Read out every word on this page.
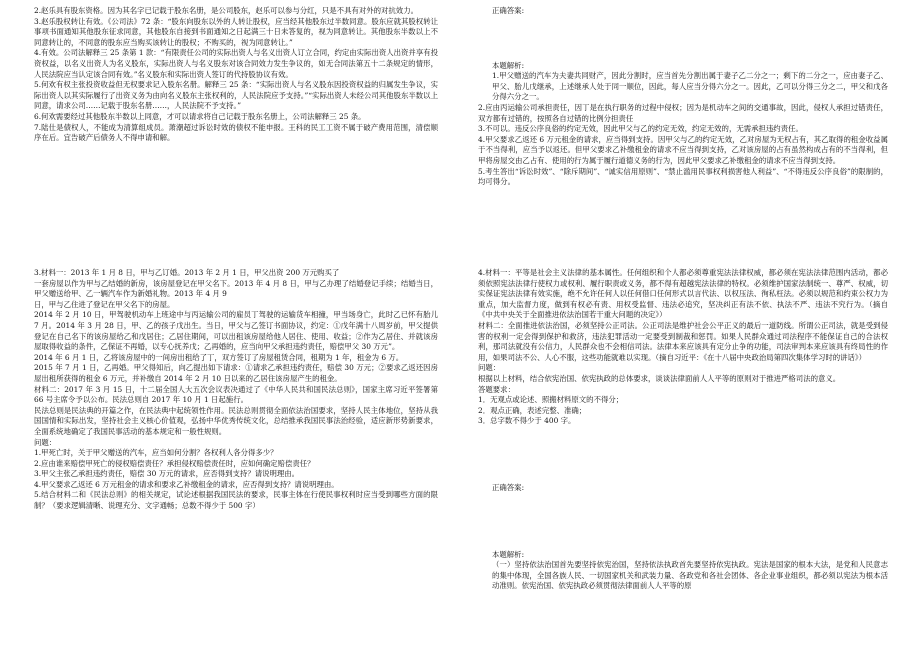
2.赵乐具有股东资格。因为其名字已记载于股东名册，是公司股东，赵乐可以参与分红，只是不具有对外的对抗效力。

3.赵乐股权转让有效。《公司法》72 条：“股东向股东以外的人转让股权，应当经其他股东过半数同意。股东应就其股权转让事项书面通知其他股东征求同意，其他股东自接到书面通知之日起满三十日未答复的，视为同意转让。其他股东半数以上不同意转让的，不同意的股东应当购买该转让的股权；不购买的，视为同意转让。”

4.有效。公司法解释三 25 条第 1 款：“有限责任公司的实际出资人与名义出资人订立合同，约定由实际出资人出资并享有投资权益，以名义出资人为名义股东，实际出资人与名义股东对该合同效力发生争议的，如无合同法第五十二条规定的情形，人民法院应当认定该合同有效。”名义股东和实际出资人签订的代持股协议有效。

5.何欢有权主张投资收益但无权要求记入股东名册。解释三 25 条：“实际出资人与名义股东因投资权益的归属发生争议，实际出资人以其实际履行了出资义务为由向名义股东主张权利的，人民法院应予支持。”“实际出资人未经公司其他股东半数以上同意，请求公司……记载于股东名册……，人民法院不予支持。”

6.何欢需要经过其他股东半数以上同意，才可以请求将自己记载于股东名册上，公司法解释三 25 条。

7.陆仕是债权人，不能成为清算组成员。萧潮超过诉讼时效的债权不能申报。王科的民工工资不属于破产费用范围，清偿顺序在后。宜告破产后债务人不得申请和解。

正确答案:

本题解析:

1.甲父赠送的汽车为夫妻共同财产，因此分割时，应当首先分割出属于妻子乙二分之一；剩下的二分之一，应由妻子乙、甲父、胎儿戊继承，上述继承人处于同一顺位，因此，每人应当分得六分之一。因此，乙可以分得三分之二，甲父和戊各分得六分之一。

2.应由丙运输公司承担责任，因丁是在执行职务的过程中侵权；因为是机动车之间的交通事故，因此，侵权人承担过错责任，双方都有过错的，按照各自过错的比例分担责任

3.不可以。违反公序良俗的约定无效，因此甲父与乙的约定无效，约定无效的，无需承担违约责任。

4.甲父要求乙返还 6 万元租金的请求，应当得到支持。因甲父与乙的约定无效，乙对房屋为无权占有，其乙取得的租金收益属于不当得利，应当予以返还。但甲父要求乙补缴租金的请求不应当得到支持，乙对该房屋的占有虽然构成占有的不当得利，但甲将房屋交由乙占有、使用的行为属于履行道德义务的行为，因此甲父要求乙补缴租金的请求不应当得到支持。

5.考生答出“诉讼时效”、“除斥期间”、“诚实信用原则”、“禁止滥用民事权利损害他人利益”、“不得违反公序良俗”的限制的，均可得分。

3.材料一：2013 年 1 月 8 日，甲与乙订婚。2013 年 2 月 1 日，甲父出资 200 万元购买了

一套房屋以作为甲与乙结婚的新房，该房屋登记在甲父名下。2013 年 4 月 8 日，甲与乙办理了结婚登记手续；结婚当日，甲父赠送给甲、乙一辆汽车作为新婚礼物。2013 年 4 月 9

日，甲与乙住进了登记在甲父名下的房屋。

2014 年 2 月 10 日，甲驾驶机动车上班途中与丙运输公司的雇员丁驾驶的运输货车相撞，甲当场身亡，此时乙已怀有胎儿 7 月。2014 年 3 月 28 日，甲、乙的孩子戊出生。当日，甲父与乙签订书面协议，约定：①戊年满十八周岁前，甲父提供登记在自己名下的该房屋给乙和戊居住；乙居住期间，可以出租该房屋给他人居住、使用、收益；②作为乙居住、并就该房屋取得收益的条件，乙保证不再婚，以专心抚养戊；乙再婚的，应当向甲父承担违约责任，赔偿甲父 30 万元”。

2014 年 6 月 1 日，乙将该房屋中的一间房出租给了丁，双方签订了房屋租赁合同，租期为 1 年，租金为 6 万。

2015 年 7 月 1 日，乙再婚。甲父得知后，向乙提出如下请求：①请求乙承担违约责任，赔偿 30 万元；②要求乙返还因房屋出租所获得的租金 6 万元，并补缴自 2014 年 2 月 10 日以来的乙居住该房屋产生的租金。

材料二：2017 年 3 月 15 日，十二届全国人大五次会议表决通过了《中华人民共和国民法总则》，国家主席习近平签署第 66 号主席令予以公布。民法总则自 2017 年 10 月 1 日起施行。

民法总则是民法典的开篇之作，在民法典中起统领性作用。民法总则贯彻全面依法治国要求，坚持人民主体地位，坚持从我国国情和实际出发，坚持社会主义核心价值观，弘扬中华优秀传统文化，总结推承我国民事法治经验，适应新形势新要求，全面系统地确定了我国民事活动的基本规定和一般性规则。

问题：

1.甲死亡时，关于甲父赠送的汽车，应当如何分割？各权利人各分得多少？

2.应由谁来赔偿甲死亡的侵权赔偿责任？承担侵权赔偿责任时，应如何确定赔偿责任？

3.甲父主张乙承担违约责任，赔偿 30 万元的请求，应否得到支持？请说明理由。

4.甲父要求乙返还 6 万元租金的请求和要求乙补缴租金的请求，应否得到支持？请说明理由。

5.结合材料二和《民法总则》的相关规定，试论述根据我国民法的要求，民事主体在行使民事权利时应当受到哪些方面的限制？（要求逻辑清晰、说理充分、文字通畅；总数不得少于 500 字）

4.材料一：平等是社会主义法律的基本属性。任何组织和个人都必须尊重宪法法律权威，都必须在宪法法律范围内活动，都必须依照宪法法律行使权力或权利、履行职责或义务，都不得有超越宪法法律的特权。必须维护国家法制统一、尊严、权威，切实保证宪法法律有效实施，绝不允许任何人以任何借口任何形式以言代法、以权压法、徇私枉法。必须以规范和约束公权力为重点，加大监督力度，做到有权必有责、用权受监督、违法必追究，坚决纠正有法不依、执法不严、违法不究行为。（摘自《中共中央关于全面推进依法治国若干重大问题的决定》）

材料二：全面推进依法治国，必须坚持公正司法。公正司法是维护社会公平正义的最后一道防线。所谓公正司法，就是受到侵害的权利一定会得到保护和救济，违法犯罪活动一定要受到制裁和惩罚。如果人民群众通过司法程序不能保证自己的合法权利，那司法就没有公信力，人民群众也不会相信司法。法律本来应该具有定分止争的功能，司法审判本来应该具有终局性的作用，如果司法不公、人心不服，这些功能就难以实现。（摘自习近平：《在十八届中央政治局第四次集体学习时的讲话》）

问题：

根据以上材料，结合依宪治国、依宪执政的总体要求，谈谈法律面前人人平等的原则对于推进严格司法的意义。

答题要求：

1．无观点或论述、照搬材料原文的不得分；

2．观点正确，表述完整、准确；

3．总字数不得少于 400 字。

正确答案:

本题解析:

（一）坚持依法治国首先要坚持依宪治国，坚持依法执政首先要坚持依宪执政。宪法是国家的根本大法，是党和人民意志的集中体现，全国各族人民、一切国家机关和武装力量、各政党和各社会团体、各企业事业组织，都必须以宪法为根本活动准则。依宪治国、依宪执政必须贯彻法律面前人人平等的原
